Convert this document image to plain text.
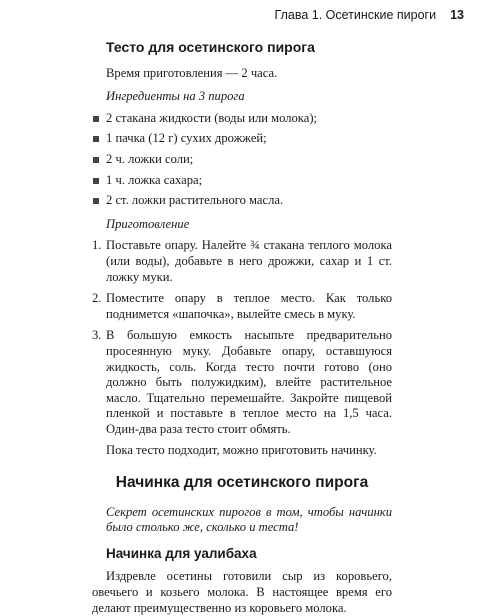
Глава 1. Осетинские пироги 13
Тесто для осетинского пирога

Время приготовления — 2 часа.

Ингредиенты на 3 пирога
2 стакана жидкости (воды или молока);
1 пачка (12 г) сухих дрожжей;
2 ч. ложки соли;
1 ч. ложка сахара;
2 ст. ложки растительного масла.
Приготовление
1. Поставьте опару. Налейте ¾ стакана теплого молока (или воды), добавьте в него дрожжи, сахар и 1 ст. ложку муки.
2. Поместите опару в теплое место. Как только поднимется «шапочка», вылейте смесь в муку.
3. В большую емкость насыпьте предварительно просеянную муку. Добавьте опару, оставшуюся жидкость, соль. Когда тесто почти готово (оно должно быть полужидким), влейте растительное масло. Тщательно перемешайте. Закройте пищевой пленкой и поставьте в теплое место на 1,5 часа. Один-два раза тесто стоит обмять.

Пока тесто подходит, можно приготовить начинку.

Начинка для осетинского пирога

Секрет осетинских пирогов в том, чтобы начинки было столько же, сколько и теста!

Начинка для уалибаха

Издревле осетины готовили сыр из коровьего, овечьего и козьего молока. В настоящее время его делают преимущественно из коровьего молока.
